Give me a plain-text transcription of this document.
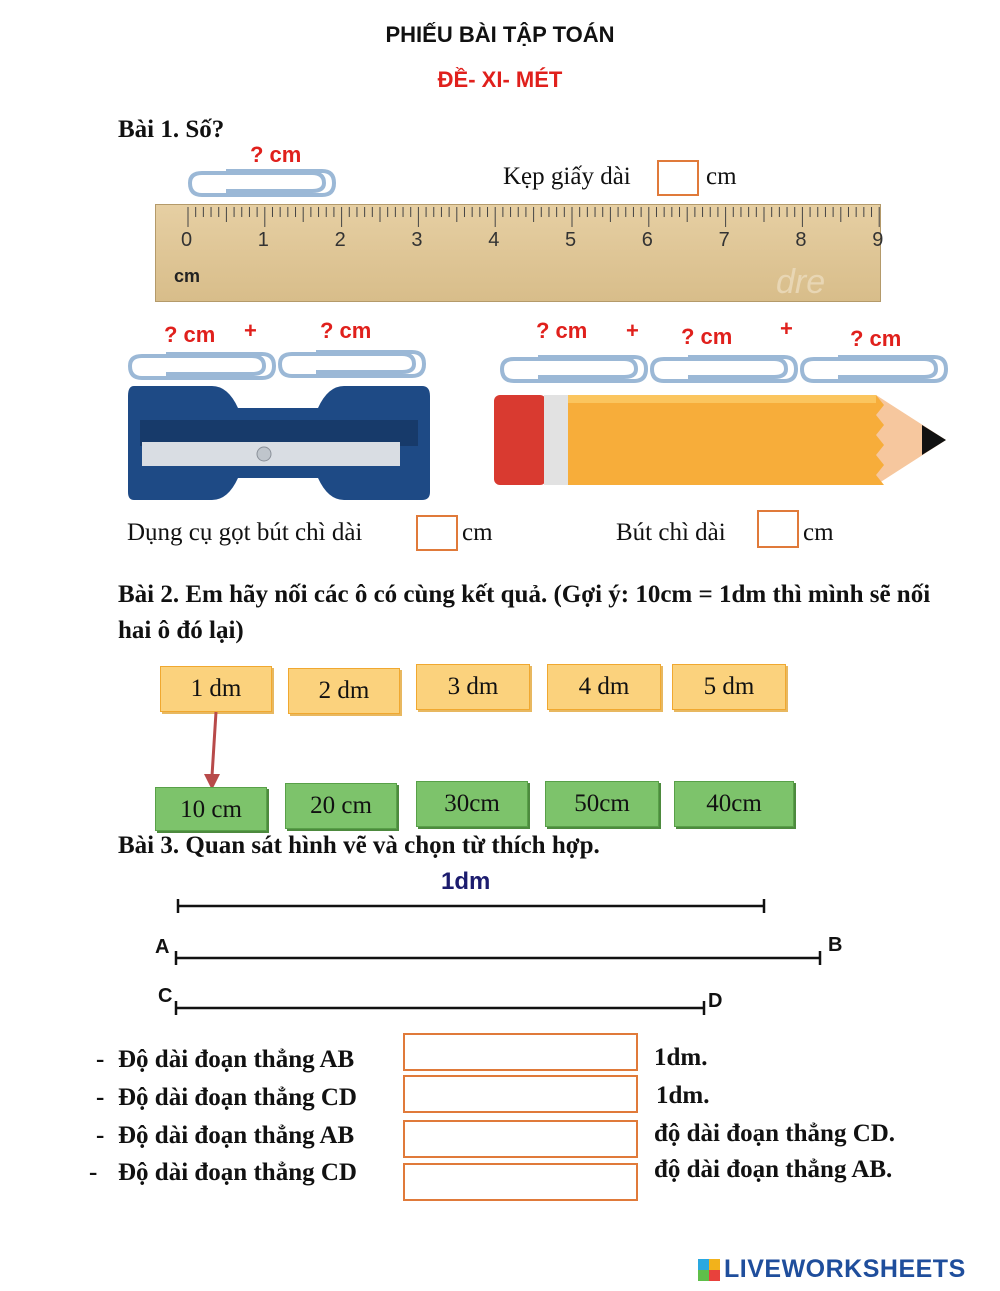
PHIẾU BÀI TẬP TOÁN
ĐỀ- XI- MÉT
Bài 1. Số?
? cm
Kẹp giấy dài	cm
cm	dre
0	1	2	3	4	5	6	7	8	9
? cm +	? cm	? cm + ? cm +	? cm
Dụng cụ gọt bút chì dài	cm	Bút chì dài	cm
Bài 2. Em hãy nối các ô có cùng kết quả. (Gợi ý: 10cm = 1dm thì mình sẽ nối hai ô đó lại)
1 dm	2 dm	3 dm	4 dm	5 dm
10 cm	20 cm	30cm	50cm	40cm
Bài 3. Quan sát hình vẽ và chọn từ thích hợp.
1dm
A	B
C	D
- Độ dài đoạn thẳng AB	1dm.
- Độ dài đoạn thẳng CD	1dm.
- Độ dài đoạn thẳng AB	độ dài đoạn thẳng CD.
- Độ dài đoạn thẳng CD	độ dài đoạn thẳng AB.
LIVEWORKSHEETS
